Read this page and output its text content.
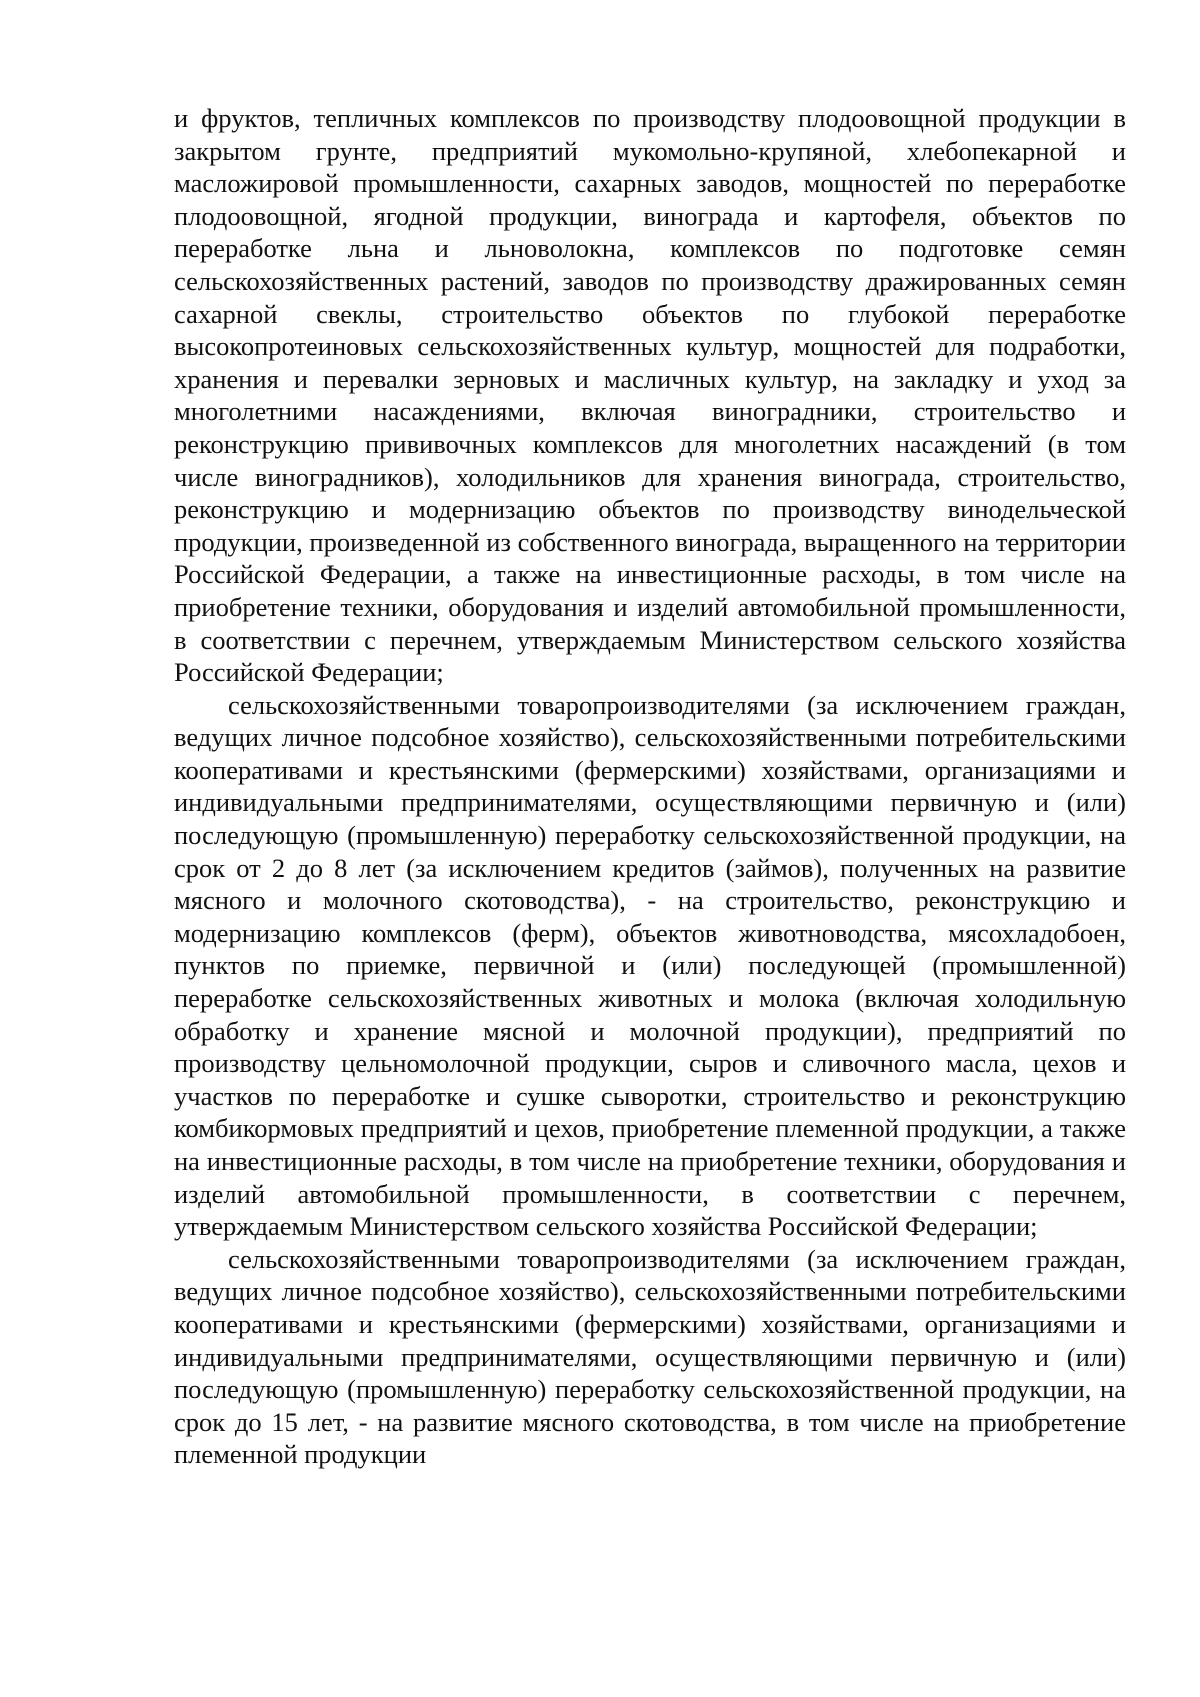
и фруктов, тепличных комплексов по производству плодоовощной продукции в закрытом грунте, предприятий мукомольно-крупяной, хлебопекарной и масложировой промышленности, сахарных заводов, мощностей по переработке плодоовощной, ягодной продукции, винограда и картофеля, объектов по переработке льна и льноволокна, комплексов по подготовке семян сельскохозяйственных растений, заводов по производству дражированных семян сахарной свеклы, строительство объектов по глубокой переработке высокопротеиновых сельскохозяйственных культур, мощностей для подработки, хранения и перевалки зерновых и масличных культур, на закладку и уход за многолетними насаждениями, включая виноградники, строительство и реконструкцию прививочных комплексов для многолетних насаждений (в том числе виноградников), холодильников для хранения винограда, строительство, реконструкцию и модернизацию объектов по производству винодельческой продукции, произведенной из собственного винограда, выращенного на территории Российской Федерации, а также на инвестиционные расходы, в том числе на приобретение техники, оборудования и изделий автомобильной промышленности, в соответствии с перечнем, утверждаемым Министерством сельского хозяйства Российской Федерации;

сельскохозяйственными товаропроизводителями (за исключением граждан, ведущих личное подсобное хозяйство), сельскохозяйственными потребительскими кооперативами и крестьянскими (фермерскими) хозяйствами, организациями и индивидуальными предпринимателями, осуществляющими первичную и (или) последующую (промышленную) переработку сельскохозяйственной продукции, на срок от 2 до 8 лет (за исключением кредитов (займов), полученных на развитие мясного и молочного скотоводства), - на строительство, реконструкцию и модернизацию комплексов (ферм), объектов животноводства, мясохладобоен, пунктов по приемке, первичной и (или) последующей (промышленной) переработке сельскохозяйственных животных и молока (включая холодильную обработку и хранение мясной и молочной продукции), предприятий по производству цельномолочной продукции, сыров и сливочного масла, цехов и участков по переработке и сушке сыворотки, строительство и реконструкцию комбикормовых предприятий и цехов, приобретение племенной продукции, а также на инвестиционные расходы, в том числе на приобретение техники, оборудования и изделий автомобильной промышленности, в соответствии с перечнем, утверждаемым Министерством сельского хозяйства Российской Федерации;

сельскохозяйственными товаропроизводителями (за исключением граждан, ведущих личное подсобное хозяйство), сельскохозяйственными потребительскими кооперативами и крестьянскими (фермерскими) хозяйствами, организациями и индивидуальными предпринимателями, осуществляющими первичную и (или) последующую (промышленную) переработку сельскохозяйственной продукции, на срок до 15 лет, - на развитие мясного скотоводства, в том числе на приобретение племенной продукции
